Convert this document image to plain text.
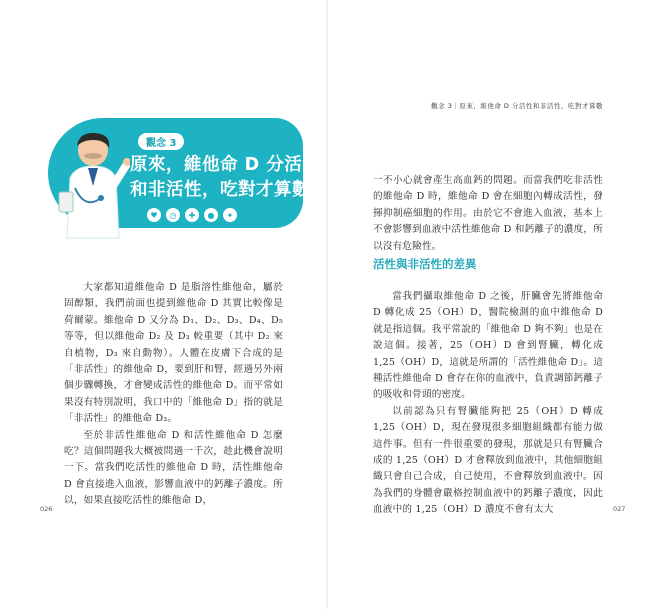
觀念 3
原來，維他命 D 分活性
和非活性，吃對才算數
♥	◷	✚	●	✦

大家都知道維他命 D 是脂溶性維他命，屬於固醇類，我們前面也提到維他命 D 其實比較像是荷爾蒙。維他命 D 又分為 D₁、D₂、D₃、D₄、D₅ 等等，但以維他命 D₂ 及 D₃ 較重要（其中 D₂ 來自植物，D₃ 來自動物）。人體在皮膚下合成的是「非活性」的維他命 D，要到肝和腎，經過另外兩個步驟轉換，才會變成活性的維他命 D。而平常如果沒有特別說明，我口中的「維他命 D」指的就是「非活性」的維他命 D₃。

至於非活性維他命 D 和活性維他命 D 怎麼吃？這個問題我大概被問過一千次，趁此機會說明一下。當我們吃活性的維他命 D 時，活性維他命 D 會直接進入血液，影響血液中的鈣離子濃度。所以，如果直接吃活性的維他命 D，

026
觀念 3｜原來，維他命 D 分活性和非活性，吃對才算數

一不小心就會產生高血鈣的問題。而當我們吃非活性的維他命 D 時，維他命 D 會在細胞內轉成活性，發揮抑制癌細胞的作用。由於它不會進入血液，基本上不會影響到血液中活性維他命 D 和鈣離子的濃度，所以沒有危險性。

活性與非活性的差異

當我們攝取維他命 D 之後，肝臟會先將維他命 D 轉化成 25（OH）D，醫院檢測的血中維他命 D 就是指這個。我平常說的「維他命 D 夠不夠」也是在說這個。接著，25（OH）D 會到腎臟，轉化成 1,25（OH）D，這就是所謂的「活性維他命 D」。這種活性維他命 D 會存在你的血液中，負責調節鈣離子的吸收和骨頭的密度。

以前認為只有腎臟能夠把 25（OH）D 轉成 1,25（OH）D，現在發現很多細胞組織都有能力做這件事。但有一件很重要的發現，那就是只有腎臟合成的 1,25（OH）D 才會釋放到血液中，其他細胞組織只會自己合成，自己使用，不會釋放到血液中。因為我們的身體會嚴格控制血液中的鈣離子濃度，因此血液中的 1,25（OH）D 濃度不會有太大	027
